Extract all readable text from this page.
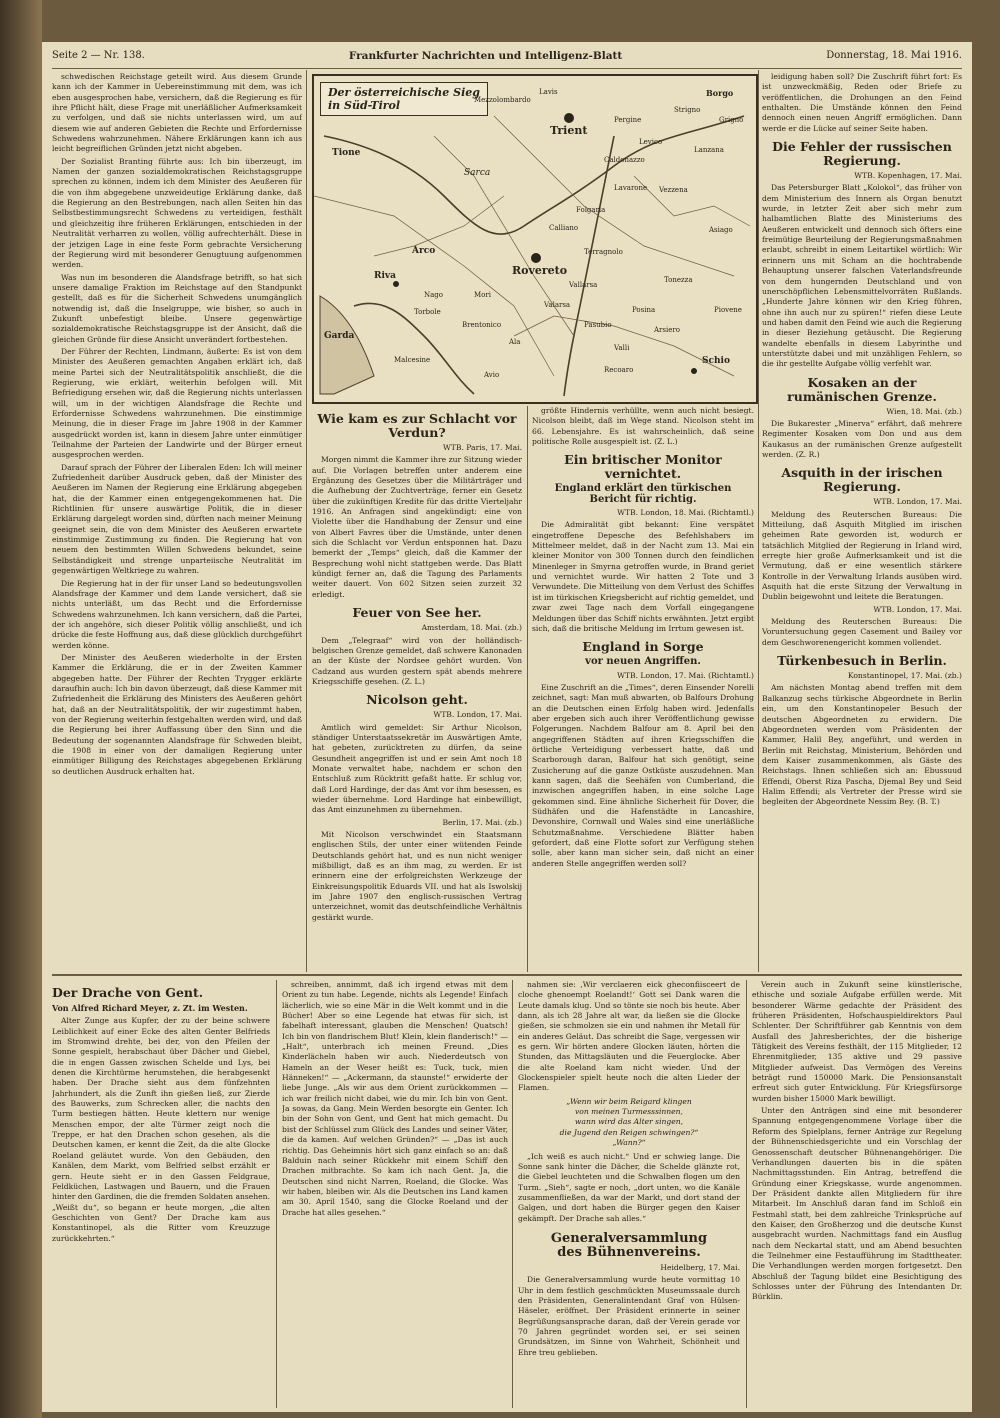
Seite 2 — Nr. 138.	Frankfurter Nachrichten und Intelligenz-Blatt	Donnerstag, 18. Mai 1916.

schwedischen Reichstage geteilt wird. Aus diesem Grunde kann ich der Kammer in Uebereinstimmung mit dem, was ich eben ausgesprochen habe, versichern, daß die Regierung es für ihre Pflicht hält, diese Frage mit unerläßlicher Aufmerksamkeit zu verfolgen, und daß sie nichts unterlassen wird, um auf diesem wie auf anderen Gebieten die Rechte und Erfordernisse Schwedens wahrzunehmen. Nähere Erklärungen kann ich aus leicht begreiflichen Gründen jetzt nicht abgeben.

Der Sozialist Branting führte aus: Ich bin überzeugt, im Namen der ganzen sozialdemokratischen Reichstagsgruppe sprechen zu können, indem ich dem Minister des Aeußeren für die von ihm abgegebene unzweideutige Erklärung danke, daß die Regierung an den Bestrebungen, nach allen Seiten hin das Selbstbestimmungsrecht Schwedens zu verteidigen, festhält und gleichzeitig ihre früheren Erklärungen, entschieden in der Neutralität verharren zu wollen, völlig aufrechterhält. Diese in der jetzigen Lage in eine feste Form gebrachte Versicherung der Regierung wird mit besonderer Genugtuung aufgenommen werden.

Was nun im besonderen die Alandsfrage betrifft, so hat sich unsere damalige Fraktion im Reichstage auf den Standpunkt gestellt, daß es für die Sicherheit Schwedens unumgänglich notwendig ist, daß die Inselgruppe, wie bisher, so auch in Zukunft unbefestigt bleibe. Unsere gegenwärtige sozialdemokratische Reichstagsgruppe ist der Ansicht, daß die gleichen Gründe für diese Ansicht unverändert fortbestehen.

Der Führer der Rechten, Lindmann, äußerte: Es ist von dem Minister des Aeußeren gemachten Angaben erklärt ich, daß meine Partei sich der Neutralitätspolitik anschließt, die die Regierung, wie erklärt, weiterhin befolgen will. Mit Befriedigung ersehen wir, daß die Regierung nichts unterlassen will, um in der wichtigen Alandsfrage die Rechte und Erfordernisse Schwedens wahrzunehmen. Die einstimmige Meinung, die in dieser Frage im Jahre 1908 in der Kammer ausgedrückt worden ist, kann in diesem Jahre unter einmütiger Teilnahme der Parteien der Landwirte und der Bürger erneut ausgesprochen werden.

Darauf sprach der Führer der Liberalen Eden: Ich will meiner Zufriedenheit darüber Ausdruck geben, daß der Minister des Aeußeren im Namen der Regierung eine Erklärung abgegeben hat, die der Kammer einen entgegengekommenen hat. Die Richtlinien für unsere auswärtige Politik, die in dieser Erklärung dargelegt worden sind, dürften nach meiner Meinung geeignet sein, die von dem Minister des Aeußeren erwartete einstimmige Zustimmung zu finden. Die Regierung hat von neuem den bestimmten Willen Schwedens bekundet, seine Selbständigkeit und strenge unparteiische Neutralität im gegenwärtigen Weltkriege zu wahren.

Die Regierung hat in der für unser Land so bedeutungsvollen Alandsfrage der Kammer und dem Lande versichert, daß sie nichts unterläßt, um das Recht und die Erfordernisse Schwedens wahrzunehmen. Ich kann versichern, daß die Partei, der ich angehöre, sich dieser Politik völlig anschließt, und ich drücke die feste Hoffnung aus, daß diese glücklich durchgeführt werden könne.

Der Minister des Aeußeren wiederholte in der Ersten Kammer die Erklärung, die er in der Zweiten Kammer abgegeben hatte. Der Führer der Rechten Trygger erklärte daraufhin auch: Ich bin davon überzeugt, daß diese Kammer mit Zufriedenheit die Erklärung des Ministers des Aeußeren gehört hat, daß an der Neutralitätspolitik, der wir zugestimmt haben, von der Regierung weiterhin festgehalten werden wird, und daß die Regierung bei ihrer Auffassung über den Sinn und die Bedeutung der sogenannten Alandsfrage für Schweden bleibt, die 1908 in einer von der damaligen Regierung unter einmütiger Billigung des Reichstages abgegebenen Erklärung so deutlichen Ausdruck erhalten hat.

Der österreichische Sieg
in Süd-Tirol
Trient
Rovereto
Riva
Arco
Schio
Garda
Tione
Sarca
Borgo
Levico
Pergine
Vezzena
Folgaria
Lavarone
Arsiero
Asiago
Mori
Ala
Avio
Pasubio
Calliano
Valarsa
Posina
Recoaro
Valli
Piovene
Grigno
Strigno
Caldonazzo
Lanzana
Tonezza
Terragnolo
Vallarsa
Brentonico
Nago
Malcesine
Torbole
Lavis
Mezzolombardo
Wie kam es zur Schlacht vor Verdun?
WTB. Paris, 17. Mai.

Morgen nimmt die Kammer ihre zur Sitzung wieder auf. Die Vorlagen betreffen unter anderem eine Ergänzung des Gesetzes über die Militärträger und die Aufhebung der Zuchtverträge, ferner ein Gesetz über die zukünftigen Kredite für das dritte Vierteljahr 1916. An Anfragen sind angekündigt: eine von Violette über die Handhabung der Zensur und eine von Albert Favres über die Umstände, unter denen sich die Schlacht vor Verdun entsponnen hat. Dazu bemerkt der „Temps“ gleich, daß die Kammer der Besprechung wohl nicht stattgeben werde. Das Blatt kündigt ferner an, daß die Tagung des Parlaments weiter dauert. Von 602 Sitzen seien zurzeit 32 erledigt.

Feuer von See her.
Amsterdam, 18. Mai. (zb.)

Dem „Telegraaf“ wird von der holländisch-belgischen Grenze gemeldet, daß schwere Kanonaden an der Küste der Nordsee gehört wurden. Von Cadzand aus wurden gestern spät abends mehrere Kriegsschiffe gesehen. (Z. L.)

Nicolson geht.
WTB. London, 17. Mai.

Amtlich wird gemeldet: Sir Arthur Nicolson, ständiger Unterstaatssekretär im Auswärtigen Amte, hat gebeten, zurücktreten zu dürfen, da seine Gesundheit angegriffen ist und er sein Amt noch 18 Monate verwaltet habe, nachdem er schon den Entschluß zum Rücktritt gefaßt hatte. Er schlug vor, daß Lord Hardinge, der das Amt vor ihm besessen, es wieder übernehme. Lord Hardinge hat einbewilligt, das Amt einzunehmen zu übernehmen.

Berlin, 17. Mai. (zb.)

Mit Nicolson verschwindet ein Staatsmann englischen Stils, der unter einer wütenden Feinde Deutschlands gehört hat, und es nun nicht weniger mißbilligt, daß es an ihm mag, zu werden. Er ist erinnern eine der erfolgreichsten Werkzeuge der Einkreisungspolitik Eduards VII. und hat als Iswolskij im Jahre 1907 den englisch-russischen Vertrag unterzeichnet, womit das deutschfeindliche Verhältnis gestärkt wurde.

größte Hindernis verhüllte, wenn auch nicht besiegt. Nicolson bleibt, daß im Wege stand. Nicolson steht im 66. Lebensjahre. Es ist wahrscheinlich, daß seine politische Rolle ausgespielt ist. (Z. L.)

Ein britischer Monitor vernichtet.
England erklärt den türkischen Bericht für richtig.
WTB. London, 18. Mai. (Richtamtl.)

Die Admiralität gibt bekannt: Eine verspätet eingetroffene Depesche des Befehlshabers im Mittelmeer meldet, daß in der Nacht zum 13. Mai ein kleiner Monitor von 300 Tonnen durch den feindlichen Minenleger in Smyrna getroffen wurde, in Brand geriet und vernichtet wurde. Wir hatten 2 Tote und 3 Verwundete. Die Mitteilung von dem Verlust des Schiffes ist im türkischen Kriegsbericht auf richtig gemeldet, und zwar zwei Tage nach dem Vorfall eingegangene Meldungen über das Schiff nichts erwähnten. Jetzt ergibt sich, daß die britische Meldung im Irrtum gewesen ist.

England in Sorge
vor neuen Angriffen.
WTB. London, 17. Mai. (Richtamtl.)

Eine Zuschrift an die „Times“, deren Einsender Norelli zeichnet, sagt: Man muß abwarten, ob Balfours Drohung an die Deutschen einen Erfolg haben wird. Jedenfalls aber ergeben sich auch ihrer Veröffentlichung gewisse Folgerungen. Nachdem Balfour am 8. April bei den angegriffenen Städten auf ihren Kriegsschiffen die örtliche Verteidigung verbessert hatte, daß und Scarborough daran, Balfour hat sich genötigt, seine Zusicherung auf die ganze Ostküste auszudehnen. Man kann sagen, daß die Seehäfen von Cumberland, die inzwischen angegriffen haben, in eine solche Lage gekommen sind. Eine ähnliche Sicherheit für Dover, die Südhäfen und die Hafenstädte in Lancashire, Devonshire, Cornwall und Wales sind eine unerläßliche Schutzmaßnahme. Verschiedene Blätter haben gefordert, daß eine Flotte sofort zur Verfügung stehen solle, aber kann man sicher sein, daß nicht an einer anderen Stelle angegriffen werden soll?

leidigung haben soll? Die Zuschrift führt fort: Es ist unzweckmäßig, Reden oder Briefe zu veröffentlichen, die Drohungen an den Feind enthalten. Die Umstände können den Feind dennoch einen neuen Angriff ermöglichen. Dann werde er die Lücke auf seiner Seite haben.

Die Fehler der russischen Regierung.
WTB. Kopenhagen, 17. Mai.

Das Petersburger Blatt „Kolokol“, das früher von dem Ministerium des Innern als Organ benutzt wurde, in letzter Zeit aber sich mehr zum halbamtlichen Blatte des Ministeriums des Aeußeren entwickelt und dennoch sich öfters eine freimütige Beurteilung der Regierungsmaßnahmen erlaubt, schreibt in einem Leitartikel wörtlich: Wir erinnern uns mit Scham an die hochtrabende Behauptung unserer falschen Vaterlandsfreunde von dem hungernden Deutschland und von unerschöpflichen Lebensmittelvorräten Rußlands. „Hunderte Jahre können wir den Krieg führen, ohne ihn auch nur zu spüren!“ riefen diese Leute und haben damit den Feind wie auch die Regierung in dieser Beziehung getäuscht. Die Regierung wandelte ebenfalls in diesem Labyrinthe und unterstützte dabei und mit unzähligen Fehlern, so die ihr gestellte Aufgabe völlig verfehlt war.

Kosaken an der rumänischen Grenze.
Wien, 18. Mai. (zb.)

Die Bukarester „Minerva“ erfährt, daß mehrere Regimenter Kosaken vom Don und aus dem Kaukasus an der rumänischen Grenze aufgestellt werden. (Z. R.)

Asquith in der irischen Regierung.
WTB. London, 17. Mai.

Meldung des Reuterschen Bureaus: Die Mitteilung, daß Asquith Mitglied im irischen geheimen Rate geworden ist, wodurch er tatsächlich Mitglied der Regierung in Irland wird, erregte hier große Aufmerksamkeit und ist die Vermutung, daß er eine wesentlich stärkere Kontrolle in der Verwaltung Irlands ausüben wird. Asquith hat die erste Sitzung der Verwaltung in Dublin beigewohnt und leitete die Beratungen.

WTB. London, 17. Mai.

Meldung des Reuterschen Bureaus: Die Voruntersuchung gegen Casement und Bailey vor dem Geschworenengericht kommen vollendet.

Türkenbesuch in Berlin.
Konstantinopel, 17. Mai. (zb.)

Am nächsten Montag abend treffen mit dem Balkanzug sechs türkische Abgeordnete in Berlin ein, um den Konstantinopeler Besuch der deutschen Abgeordneten zu erwidern. Die Abgeordneten werden vom Präsidenten der Kammer, Halil Bey, angeführt, und werden in Berlin mit Reichstag, Ministerium, Behörden und dem Kaiser zusammenkommen, als Gäste des Reichstags. Ihnen schließen sich an: Ebussuud Effendi, Oberst Riza Pascha, Djemal Bey und Seid Halim Effendi; als Vertreter der Presse wird sie begleiten der Abgeordnete Nessim Bey. (B. T.)

Der Drache von Gent.
Von Alfred Richard Meyer, z. Zt. im Westen.

Alter Zunge aus Kupfer, der zu der beine schwere Leiblichkeit auf einer Ecke des alten Genter Belfrieds im Stromwind drehte, bei der, von den Pfeilen der Sonne gespielt, herabschaut über Dächer und Giebel, die in engen Gassen zwischen Schelde und Lys, bei denen die Kirchtürme herumstehen, die herabgesenkt haben. Der Drache sieht aus dem fünfzehnten Jahrhundert, als die Zunft ihn gießen ließ, zur Zierde des Bauwerks, zum Schrecken aller, die nachts den Turm bestiegen hätten. Heute klettern nur wenige Menschen empor, der alte Türmer zeigt noch die Treppe, er hat den Drachen schon gesehen, als die Deutschen kamen, er kennt die Zeit, da die alte Glocke Roeland geläutet wurde. Von den Gebäuden, den Kanälen, dem Markt, vom Belfried selbst erzählt er gern. Heute sieht er in den Gassen Feldgraue, Feldküchen, Lastwagen und Bauern, und die Frauen hinter den Gardinen, die die fremden Soldaten ansehen. „Weißt du“, so begann er heute morgen, „die alten Geschichten von Gent? Der Drache kam aus Konstantinopel, als die Ritter vom Kreuzzuge zurückkehrten.“

schreiben, annimmt, daß ich irgend etwas mit dem Orient zu tun habe. Legende, nichts als Legende! Einfach lächerlich, wie so eine Mär in die Welt kommt und in die Bücher! Aber so eine Legende hat etwas für sich, ist fabelhaft interessant, glauben die Menschen! Quatsch! Ich bin von flandrischem Blut! Klein, klein flanderisch!“ — „Halt“, unterbrach ich meinen Freund. „Dies Kinderlächeln haben wir auch. Niederdeutsch von Hameln an der Weser heißt es: Tuck, tuck, mien Hänneken!“ — „Ackermann, da staunste!“ erwiderte der liebe Junge. „Als wir aus dem Orient zurückkommen — ich war freilich nicht dabei, wie du mir. Ich bin von Gent. Ja sowas, da Gang. Mein Werden besorgte ein Genter. Ich bin der Sohn von Gent, und Gent hat mich gemacht. Du bist der Schlüssel zum Glück des Landes und seiner Väter, die da kamen. Auf welchen Gründen?“ — „Das ist auch richtig. Das Geheimnis hört sich ganz einfach so an: daß Balduin nach seiner Rückkehr mit einem Schiff den Drachen mitbrachte. So kam ich nach Gent. Ja, die Deutschen sind nicht Narren, Roeland, die Glocke. Was wir haben, bleiben wir. Als die Deutschen ins Land kamen am 30. April 1540, sang die Glocke Roeland und der Drache hat alles gesehen.“

nahmen sie: ‚Wir verclaeren eick gheconfiisceert de cloche ghenoempt Roelandt!‘ Gott sei Dank waren die Leute damals klug. Und so tönte sie noch bis heute. Aber dann, als ich 28 Jahre alt war, da ließen sie die Glocke gießen, sie schmolzen sie ein und nahmen ihr Metall für ein anderes Geläut. Das schreibt die Sage, vergessen wir es gern. Wir hörten andere Glocken läuten, hörten die Stunden, das Mittagsläuten und die Feuerglocke. Aber die alte Roeland kam nicht wieder. Und der Glockenspieler spielt heute noch die alten Lieder der Flamen.

„Wenn wir beim Reigard klingen
von meinen Turmesssinnen,
wann wird das Alter singen,
die Jugend den Reigen schwingen?“
„Wann?“

„Ich weiß es auch nicht.“ Und er schwieg lange. Die Sonne sank hinter die Dächer, die Schelde glänzte rot, die Giebel leuchteten und die Schwalben flogen um den Turm. „Sieh“, sagte er noch, „dort unten, wo die Kanäle zusammenfließen, da war der Markt, und dort stand der Galgen, und dort haben die Bürger gegen den Kaiser gekämpft. Der Drache sah alles.“

Generalversammlung
des Bühnenvereins.
Heidelberg, 17. Mai.

Die Generalversammlung wurde heute vormittag 10 Uhr in dem festlich geschmückten Museumssaale durch den Präsidenten, Generalintendant Graf von Hülsen-Häseler, eröffnet. Der Präsident erinnerte in seiner Begrüßungsansprache daran, daß der Verein gerade vor 70 Jahren gegründet worden sei, er sei seinen Grundsätzen, im Sinne von Wahrheit, Schönheit und Ehre treu geblieben.

Verein auch in Zukunft seine künstlerische, ethische und soziale Aufgabe erfüllen werde. Mit besonderer Wärme gedachte der Präsident des früheren Präsidenten, Hofschauspieldirektors Paul Schlenter. Der Schriftführer gab Kenntnis von dem Ausfall des Jahresberichtes, der die bisherige Tätigkeit des Vereins festhält, der 115 Mitglieder, 12 Ehrenmitglieder, 135 aktive und 29 passive Mitglieder aufweist. Das Vermögen des Vereins beträgt rund 150000 Mark. Die Pensionsanstalt erfreut sich guter Entwicklung. Für Kriegsfürsorge wurden bisher 15000 Mark bewilligt.

Unter den Anträgen sind eine mit besonderer Spannung entgegengenommene Vorlage über die Reform des Spielplans, ferner Anträge zur Regelung der Bühnenschiedsgerichte und ein Vorschlag der Genossenschaft deutscher Bühnenangehöriger. Die Verhandlungen dauerten bis in die späten Nachmittagsstunden. Ein Antrag, betreffend die Gründung einer Kriegskasse, wurde angenommen. Der Präsident dankte allen Mitgliedern für ihre Mitarbeit. Im Anschluß daran fand im Schloß ein Festmahl statt, bei dem zahlreiche Trinksprüche auf den Kaiser, den Großherzog und die deutsche Kunst ausgebracht wurden. Nachmittags fand ein Ausflug nach dem Neckartal statt, und am Abend besuchten die Teilnehmer eine Festaufführung im Stadttheater. Die Verhandlungen werden morgen fortgesetzt. Den Abschluß der Tagung bildet eine Besichtigung des Schlosses unter der Führung des Intendanten Dr. Bürklin.
